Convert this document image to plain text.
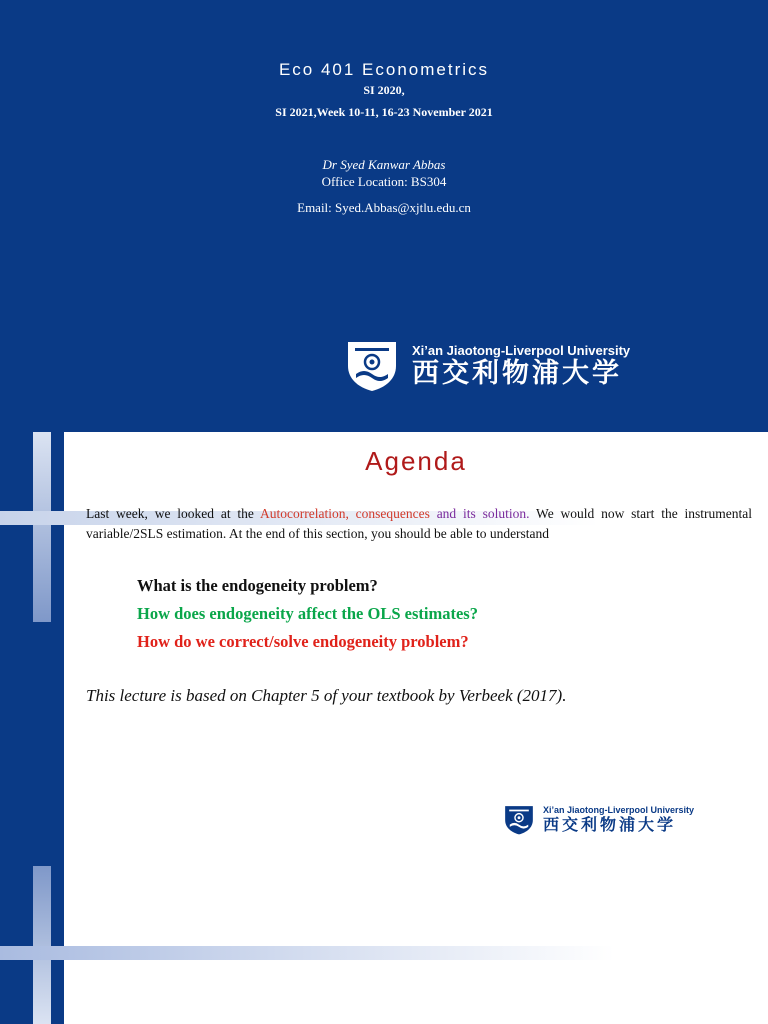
Eco 401 Econometrics
SI 2020,
SI 2021,Week 10-11, 16-23 November 2021
Dr Syed Kanwar Abbas
Office Location: BS304
Email: Syed.Abbas@xjtlu.edu.cn
Xi’an Jiaotong-Liverpool University
西交利物浦大学
Agenda
Last week, we looked at the Autocorrelation, consequences and its solution. We would now start the instrumental variable/2SLS estimation. At the end of this section, you should be able to understand
What is the endogeneity problem?
How does endogeneity affect the OLS estimates?
How do we correct/solve endogeneity problem?
This lecture is based on Chapter 5 of your textbook by Verbeek (2017).
Xi’an Jiaotong-Liverpool University
西交利物浦大学
